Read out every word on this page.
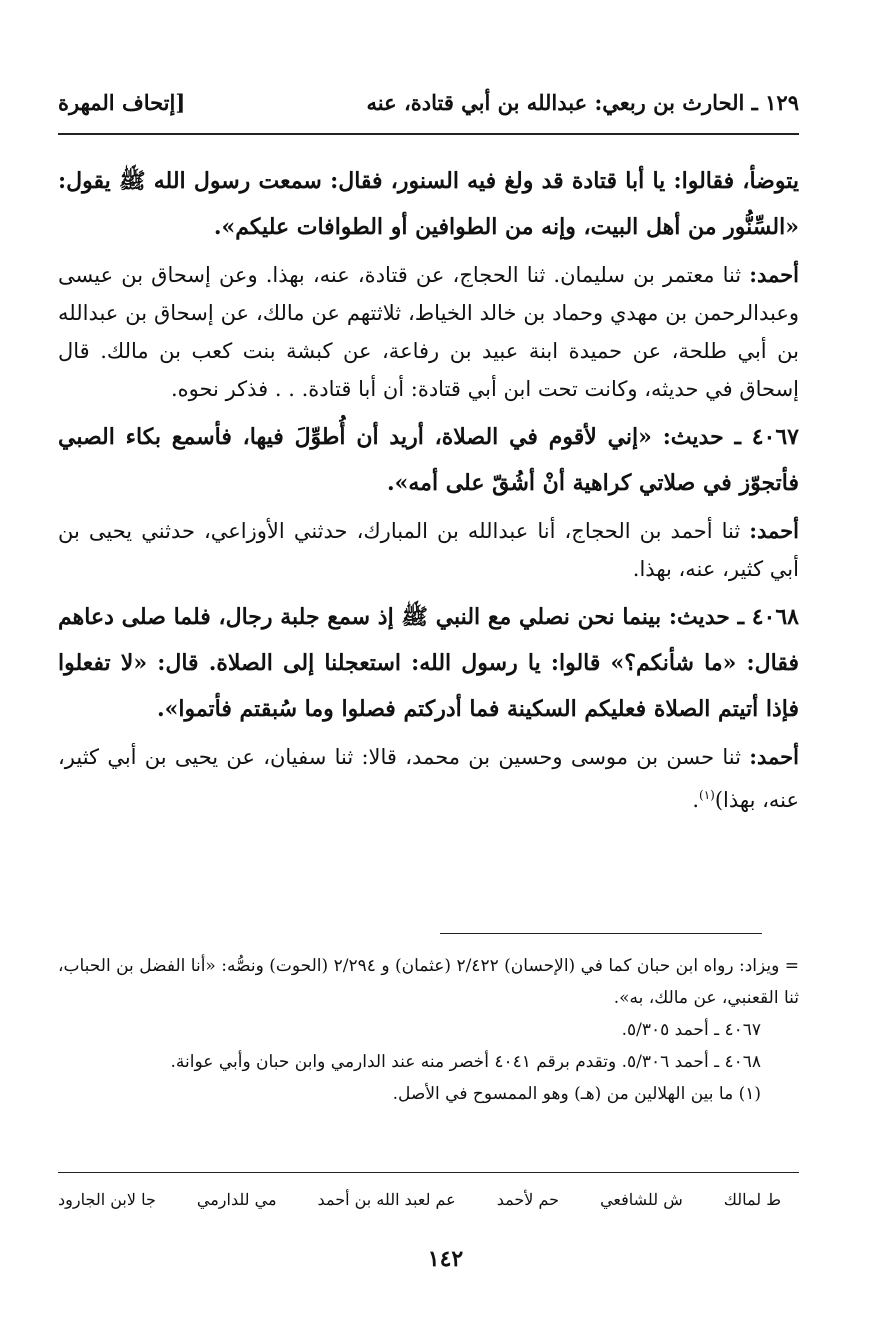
١٢٩ ـ الحارث بن ربعي: عبدالله بن أبي قتادة، عنه
[إتحاف المهرة

يتوضأ، فقالوا: يا أبا قتادة قد ولغ فيه السنور، فقال: سمعت رسول الله ﷺ يقول: «السِّنُّور من أهل البيت، وإنه من الطوافين أو الطوافات عليكم».

أحمد: ثنا معتمر بن سليمان. ثنا الحجاج، عن قتادة، عنه، بهذا. وعن إسحاق بن عيسى وعبدالرحمن بن مهدي وحماد بن خالد الخياط، ثلاثتهم عن مالك، عن إسحاق بن عبدالله بن أبي طلحة، عن حميدة ابنة عبيد بن رفاعة، عن كبشة بنت كعب بن مالك. قال إسحاق في حديثه، وكانت تحت ابن أبي قتادة: أن أبا قتادة. . . فذكر نحوه.

٤٠٦٧ ـ حديث: «إني لأقوم في الصلاة، أريد أن أُطوِّلَ فيها، فأسمع بكاء الصبي فأتجوّز في صلاتي كراهية أنْ أشُقّ على أمه».

أحمد: ثنا أحمد بن الحجاج، أنا عبدالله بن المبارك، حدثني الأوزاعي، حدثني يحيى بن أبي كثير، عنه، بهذا.

٤٠٦٨ ـ حديث: بينما نحن نصلي مع النبي ﷺ إذ سمع جلبة رجال، فلما صلى دعاهم فقال: «ما شأنكم؟» قالوا: يا رسول الله: استعجلنا إلى الصلاة. قال: «لا تفعلوا فإذا أتيتم الصلاة فعليكم السكينة فما أدركتم فصلوا وما سُبقتم فأتموا».

أحمد: ثنا حسن بن موسى وحسين بن محمد، قالا: ثنا سفيان، عن يحيى بن أبي كثير، عنه، بهذا)$^{(١)}$.

= ويزاد: رواه ابن حبان كما في (الإحسان) ٢/٤٢٢ (عثمان) و ٢/٢٩٤ (الحوت) ونصُّه: «أنا الفضل بن الحباب، ثنا القعنبي، عن مالك، به».

٤٠٦٧ ـ أحمد ٥/٣٠٥.

٤٠٦٨ ـ أحمد ٥/٣٠٦. وتقدم برقم ٤٠٤١ أخصر منه عند الدارمي وابن حبان وأبي عوانة.

(١) ما بين الهلالين من (هـ) وهو الممسوح في الأصل.

ط لمالك
ش للشافعي
حم لأحمد
عم لعبد الله بن أحمد
مي للدارمي
جا لابن الجارود
١٤٢
